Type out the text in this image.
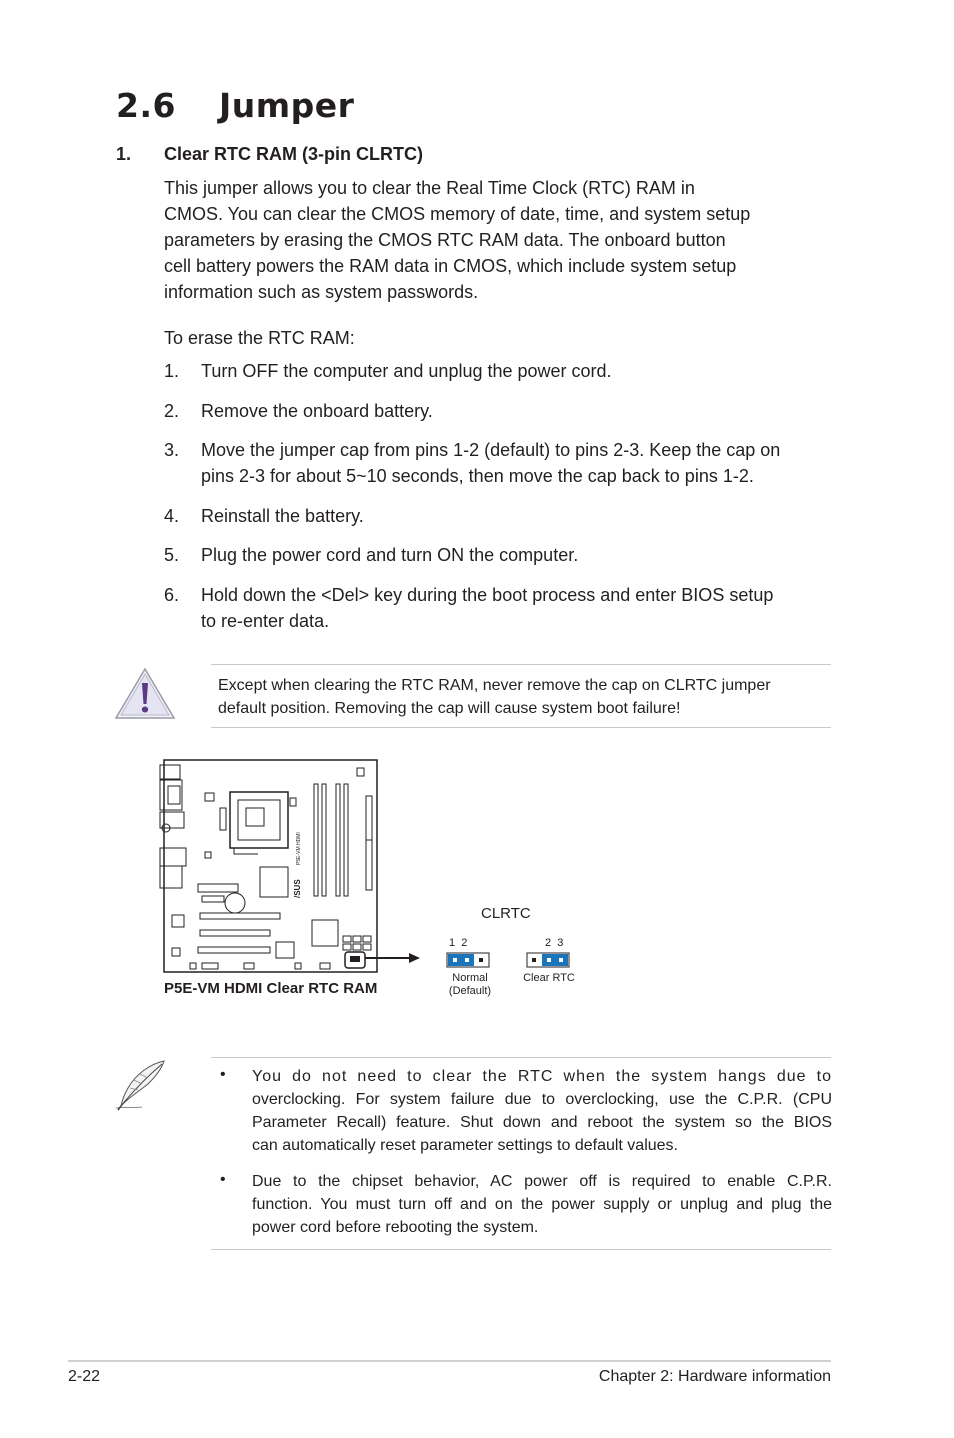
2.6 Jumper
1. Clear RTC RAM (3-pin CLRTC)
This jumper allows you to clear the Real Time Clock (RTC) RAM in
CMOS. You can clear the CMOS memory of date, time, and system setup
parameters by erasing the CMOS RTC RAM data. The onboard button
cell battery powers the RAM data in CMOS, which include system setup
information such as system passwords.
To erase the RTC RAM:
1. Turn OFF the computer and unplug the power cord.
2. Remove the onboard battery.
3. Move the jumper cap from pins 1-2 (default) to pins 2-3. Keep the cap on
pins 2-3 for about 5~10 seconds, then move the cap back to pins 1-2.
4. Reinstall the battery.
5. Plug the power cord and turn ON the computer.
6. Hold down the <Del> key during the boot process and enter BIOS setup
to re-enter data.
Except when clearing the RTC RAM, never remove the cap on CLRTC jumper
default position. Removing the cap will cause system boot failure!
P5E-VM HDMI
/SUS
P5E-VM HDMI Clear RTC RAM
CLRTC
1  2	2  3
Normal
(Default)
Clear RTC
• You do not need to clear the RTC when the system hangs due to
overclocking. For system failure due to overclocking, use the C.P.R. (CPU
Parameter Recall) feature. Shut down and reboot the system so the BIOS
can automatically reset parameter settings to default values.
• Due to the chipset behavior, AC power off is required to enable C.P.R.
function. You must turn off and on the power supply or unplug and plug the
power cord before rebooting the system.
2-22	Chapter 2: Hardware information
